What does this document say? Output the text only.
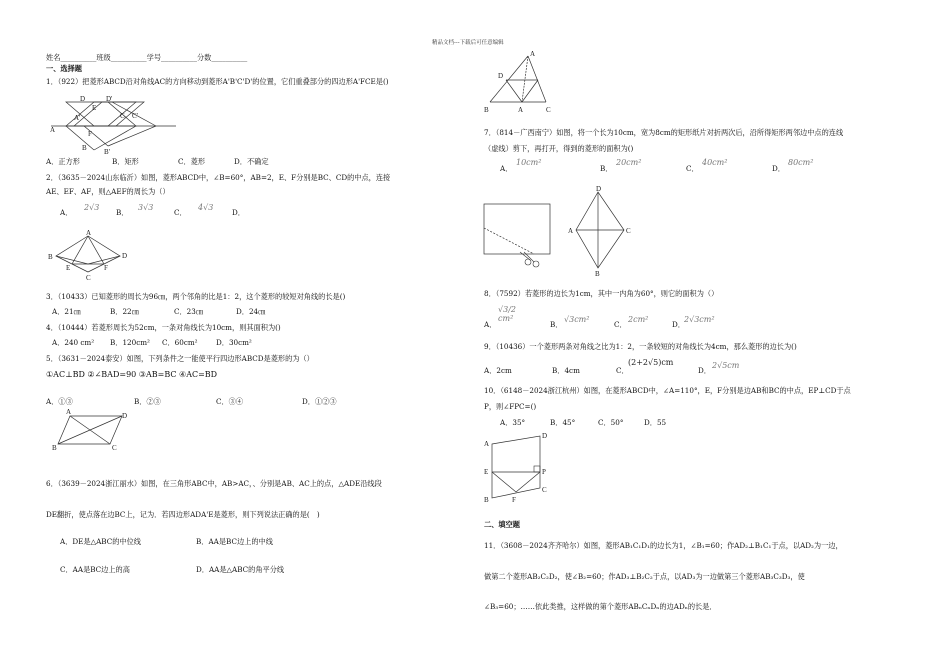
精品文档---下载后可任意编辑
姓名__________班级__________学号__________分数__________
一、选择题
1．（922）把菱形ABCD沿对角线AC的方向移动到菱形A'B'C'D'的位置，它们重叠部分的四边形A'FCE是()
D	D'
E
A'	C C'
A	F
B B'
A．正方形	B．矩形	C．菱形	D．不确定
2．（3635－2024山东临沂）如图，菱形ABCD中，∠B=60°，AB=2，E、F分别是BC、CD的中点，连接
AE、EF、AF，则△AEF的周长为（）
A．
2√3
B．
3√3
C．
4√3
D．
A
B	D
E	F
C
3．（10433）已知菱形的周长为96㎝，两个邻角的比是1：2，这个菱形的较短对角线的长是()
A．21㎝	B．22㎝	C．23㎝	D．24㎝
4．（10444）若菱形周长为52cm，一条对角线长为10cm，则其面积为()
A．240 cm² B．120cm² C．60cm²	D．30cm²
5．（3631－2024泰安）如图，下列条件之一能使平行四边形ABCD是菱形的为（）
①AC⊥BD ②∠BAD=90 ③AB=BC ④AC=BD
A．①③	B．②③	C．③④	D．①②③
A	D
B	C
6．（3639－2024浙江丽水）如图，在三角形ABC中，AB>AC，、分别是AB、AC上的点，△ADE沿线段
DE翻折，使点落在边BC上，记为．若四边形ADA'E是菱形，则下列说法正确的是(　)
A．DE是△ABC的中位线	B．AA是BC边上的中线
C．AA是BC边上的高	D．AA是△ABC的角平分线
A
D
B	A	C
7．（814－广西南宁）如图，将一个长为10cm，宽为8cm的矩形纸片对折两次后，沿所得矩形两邻边中点的连线
（虚线）剪下，再打开，得到的菱形的面积为()
A．
10cm²
B．
20cm²
C．
40cm²
D．
80cm²
D
A	C
B
8．（7592）若菱形的边长为1cm，其中一内角为60°，则它的面积为（）
A．
√3/2 cm²
B．
√3cm²
C．
2cm²
D．
2√3cm²
9．（10436）一个菱形两条对角线之比为1：2，一条较短的对角线长为4cm，那么菱形的边长为()
A．2cm	B．4cm	C．
(2+2√5)cm
D．
2√5cm
10．（6148－2024浙江杭州）如图，在菱形ABCD中，∠A=110°，E，F分别是边AB和BC的中点，EP⊥CD于点
P，则∠FPC=()
A．35°	B．45°	C．50°	D．55
A
D
E	P
F
C
B
二、填空题
11．（3608－2024齐齐哈尔）如图，菱形AB₁C₁D₁的边长为1，∠B₁=60；作AD₂⊥B₁C₁于点，以AD₂为一边，
做第二个菱形AB₂C₂D₂，使∠B₂=60；作AD₃⊥B₂C₂于点，以AD₃为一边做第三个菱形AB₃C₃D₃，使
∠B₃=60；……依此类推，这样做的第个菱形ABₙCₙDₙ的边ADₙ的长是．
